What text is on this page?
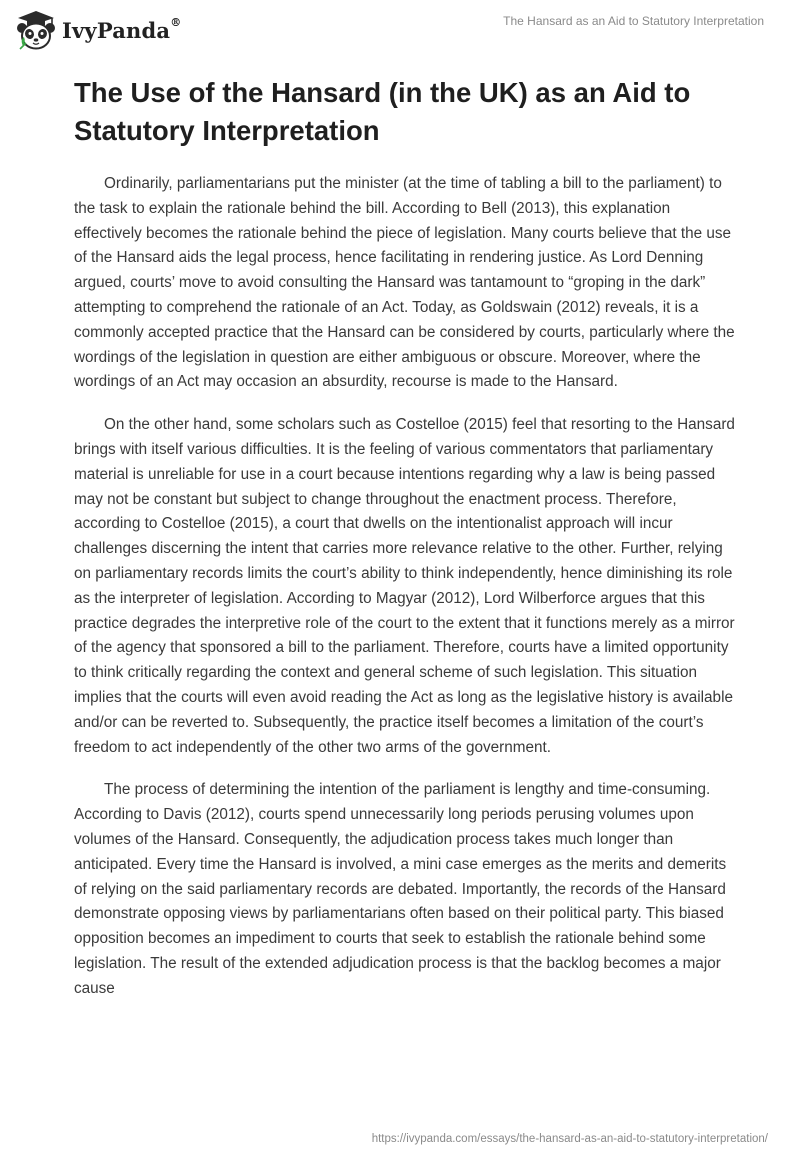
IvyPanda®	The Hansard as an Aid to Statutory Interpretation
The Use of the Hansard (in the UK) as an Aid to Statutory Interpretation

Ordinarily, parliamentarians put the minister (at the time of tabling a bill to the parliament) to the task to explain the rationale behind the bill. According to Bell (2013), this explanation effectively becomes the rationale behind the piece of legislation. Many courts believe that the use of the Hansard aids the legal process, hence facilitating in rendering justice. As Lord Denning argued, courts’ move to avoid consulting the Hansard was tantamount to “groping in the dark” attempting to comprehend the rationale of an Act. Today, as Goldswain (2012) reveals, it is a commonly accepted practice that the Hansard can be considered by courts, particularly where the wordings of the legislation in question are either ambiguous or obscure. Moreover, where the wordings of an Act may occasion an absurdity, recourse is made to the Hansard.

On the other hand, some scholars such as Costelloe (2015) feel that resorting to the Hansard brings with itself various difficulties. It is the feeling of various commentators that parliamentary material is unreliable for use in a court because intentions regarding why a law is being passed may not be constant but subject to change throughout the enactment process. Therefore, according to Costelloe (2015), a court that dwells on the intentionalist approach will incur challenges discerning the intent that carries more relevance relative to the other. Further, relying on parliamentary records limits the court’s ability to think independently, hence diminishing its role as the interpreter of legislation. According to Magyar (2012), Lord Wilberforce argues that this practice degrades the interpretive role of the court to the extent that it functions merely as a mirror of the agency that sponsored a bill to the parliament. Therefore, courts have a limited opportunity to think critically regarding the context and general scheme of such legislation. This situation implies that the courts will even avoid reading the Act as long as the legislative history is available and/or can be reverted to. Subsequently, the practice itself becomes a limitation of the court’s freedom to act independently of the other two arms of the government.

The process of determining the intention of the parliament is lengthy and time-consuming. According to Davis (2012), courts spend unnecessarily long periods perusing volumes upon volumes of the Hansard. Consequently, the adjudication process takes much longer than anticipated. Every time the Hansard is involved, a mini case emerges as the merits and demerits of relying on the said parliamentary records are debated. Importantly, the records of the Hansard demonstrate opposing views by parliamentarians often based on their political party. This biased opposition becomes an impediment to courts that seek to establish the rationale behind some legislation. The result of the extended adjudication process is that the backlog becomes a major cause

https://ivypanda.com/essays/the-hansard-as-an-aid-to-statutory-interpretation/
